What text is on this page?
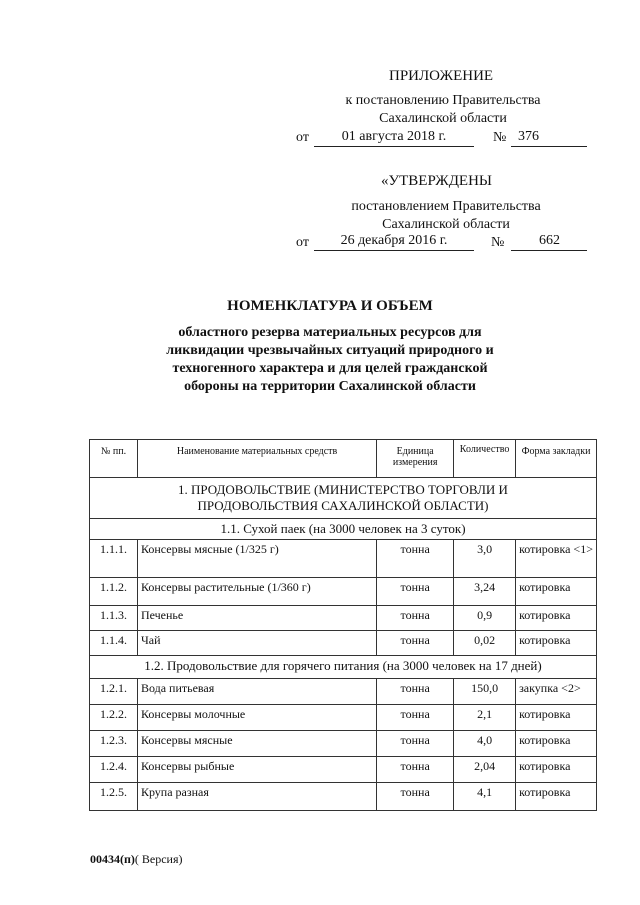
ПРИЛОЖЕНИЕ
к постановлению Правительства
Сахалинской области
от	01 августа 2018 г.	№ 376
«УТВЕРЖДЕНЫ
постановлением Правительства
Сахалинской области
от	26 декабря 2016 г.	№ 662
НОМЕНКЛАТУРА И ОБЪЕМ
областного резерва материальных ресурсов для
ликвидации чрезвычайных ситуаций природного и
техногенного характера и для целей гражданской
обороны на территории Сахалинской области
№ пп.	Наименование материальных средств	Единица измерения	Количество	Форма закладки
1. ПРОДОВОЛЬСТВИЕ (МИНИСТЕРСТВО ТОРГОВЛИ И ПРОДОВОЛЬСТВИЯ САХАЛИНСКОЙ ОБЛАСТИ)				
1.1. Сухой паек (на 3000 человек на 3 суток)				
1.1.1.	Консервы мясные (1/325 г)	тонна	3,0	котировка <1>
1.1.2.	Консервы растительные (1/360 г)	тонна	3,24	котировка
1.1.3.	Печенье	тонна	0,9	котировка
1.1.4.	Чай	тонна	0,02	котировка
1.2. Продовольствие для горячего питания (на 3000 человек на 17 дней)				
1.2.1.	Вода питьевая	тонна	150,0	закупка <2>
1.2.2.	Консервы молочные	тонна	2,1	котировка
1.2.3.	Консервы мясные	тонна	4,0	котировка
1.2.4.	Консервы рыбные	тонна	2,04	котировка
1.2.5.	Крупа разная	тонна	4,1	котировка
00434(п)( Версия)
